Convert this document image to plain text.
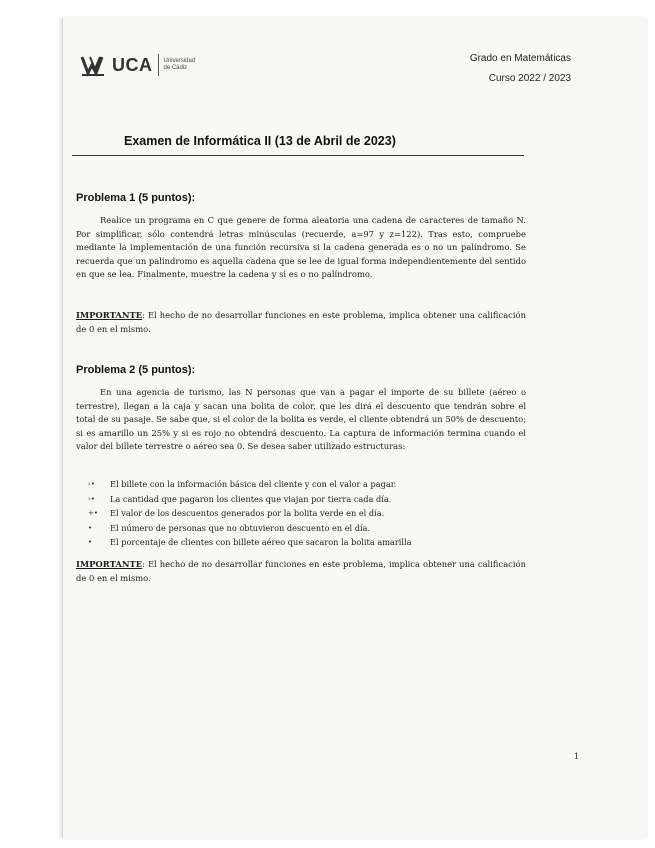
UCA Universidad
de Cádiz
Grado en Matemáticas
Curso 2022 / 2023
Examen de Informática II (13 de Abril de 2023)
Problema 1 (5 puntos):
Realice un programa en C que genere de forma aleatoria una cadena de caracteres de tamaño N. Por simplificar, sólo contendrá letras minúsculas (recuerde, a=97 y z=122). Tras esto, compruebe mediante la implementación de una función recursiva si la cadena generada es o no un palíndromo. Se recuerda que un palíndromo es aquella cadena que se lee de igual forma independientemente del sentido en que se lea. Finalmente, muestre la cadena y si es o no palíndromo.
IMPORTANTE: El hecho de no desarrollar funciones en este problema, implica obtener una calificación de 0 en el mismo.
Problema 2 (5 puntos):
En una agencia de turismo, las N personas que van a pagar el importe de su billete (aéreo o terrestre), llegan a la caja y sacan una bolita de color, que les dirá el descuento que tendrán sobre el total de su pasaje. Se sabe que, si el color de la bolita es verde, el cliente obtendrá un 50% de descuento; si es amarillo un 25% y si es rojo no obtendrá descuento. La captura de información termina cuando el valor del billete terrestre o aéreo sea 0. Se desea saber utilizado estructuras:
›•	El billete con la información básica del cliente y con el valor a pagar.
›•	La cantidad que pagaron los clientes que viajan por tierra cada día.
+•	El valor de los descuentos generados por la bolita verde en el día.
•	El número de personas que no obtuvieron descuento en el día.
•	El porcentaje de clientes con billete aéreo que sacaron la bolita amarilla
IMPORTANTE: El hecho de no desarrollar funciones en este problema, implica obtener una calificación de 0 en el mismo.
1
